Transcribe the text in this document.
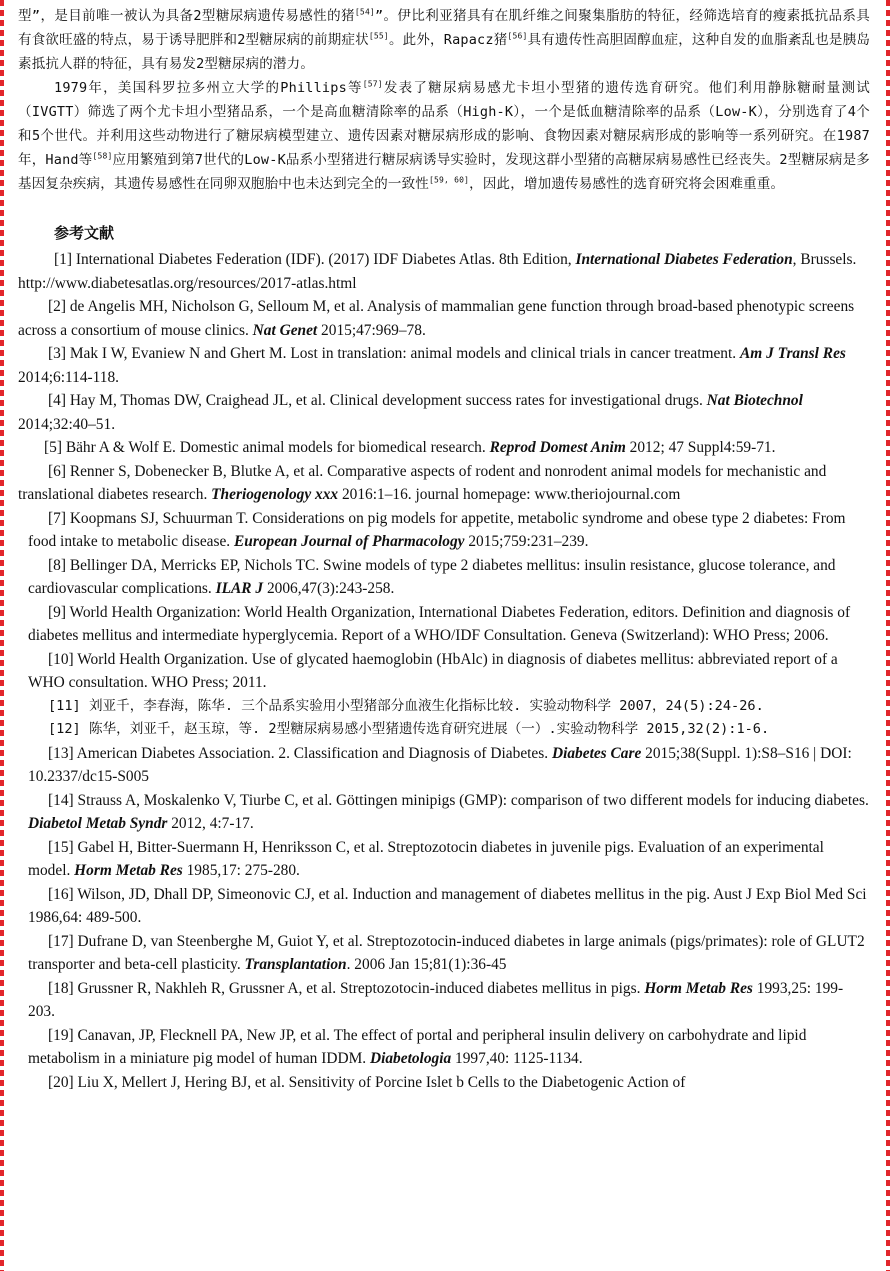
型”，是目前唯一被认为具备2型糖尿病遗传易感性的猪[54]”。伊比利亚猪具有在肌纤维之间聚集脂肪的特征，经筛选培育的瘦素抵抗品系具有食欲旺盛的特点，易于诱导肥胖和2型糖尿病的前期症状[55]。此外，Rapacz猪[56]具有遗传性高胆固醇血症，这种自发的血脂紊乱也是胰岛素抵抗人群的特征，具有易发2型糖尿病的潜力。

1979年，美国科罗拉多州立大学的Phillips等[57]发表了糖尿病易感尤卡坦小型猪的遗传选育研究。他们利用静脉糖耐量测试（IVGTT）筛选了两个尤卡坦小型猪品系，一个是高血糖清除率的品系（High-K），一个是低血糖清除率的品系（Low-K），分别选育了4个和5个世代。并利用这些动物进行了糖尿病模型建立、遗传因素对糖尿病形成的影响、食物因素对糖尿病形成的影响等一系列研究。在1987年，Hand等[58]应用繁殖到第7世代的Low-K品系小型猪进行糖尿病诱导实验时，发现这群小型猪的高糖尿病易感性已经丧失。2型糖尿病是多基因复杂疾病，其遗传易感性在同卵双胞胎中也未达到完全的一致性[59, 60]，因此，增加遗传易感性的选育研究将会困难重重。

参考文献

[1] International Diabetes Federation (IDF). (2017) IDF Diabetes Atlas. 8th Edition, International Diabetes Federation, Brussels. http://www.diabetesatlas.org/resources/2017-atlas.html

[2] de Angelis MH, Nicholson G, Selloum M, et al. Analysis of mammalian gene function through broad-based phenotypic screens across a consortium of mouse clinics. Nat Genet 2015;47:969–78.

[3] Mak I W, Evaniew N and Ghert M. Lost in translation: animal models and clinical trials in cancer treatment. Am J Transl Res 2014;6:114-118.

[4] Hay M, Thomas DW, Craighead JL, et al. Clinical development success rates for investigational drugs. Nat Biotechnol 2014;32:40–51.

[5] Bähr A & Wolf E. Domestic animal models for biomedical research. Reprod Domest Anim 2012; 47 Suppl4:59-71.

[6] Renner S, Dobenecker B, Blutke A, et al. Comparative aspects of rodent and nonrodent animal models for mechanistic and translational diabetes research. Theriogenology xxx 2016:1–16. journal homepage: www.theriojournal.com

[7] Koopmans SJ, Schuurman T. Considerations on pig models for appetite, metabolic syndrome and obese type 2 diabetes: From food intake to metabolic disease. European Journal of Pharmacology 2015;759:231–239.

[8] Bellinger DA, Merricks EP, Nichols TC. Swine models of type 2 diabetes mellitus: insulin resistance, glucose tolerance, and cardiovascular complications. ILAR J 2006,47(3):243-258.

[9] World Health Organization: World Health Organization, International Diabetes Federation, editors. Definition and diagnosis of diabetes mellitus and intermediate hyperglycemia. Report of a WHO/IDF Consultation. Geneva (Switzerland): WHO Press; 2006.

[10] World Health Organization. Use of glycated haemoglobin (HbAlc) in diagnosis of diabetes mellitus: abbreviated report of a WHO consultation. WHO Press; 2011.

[11] 刘亚千，李春海，陈华. 三个品系实验用小型猪部分血液生化指标比较. 实验动物科学 2007，24(5):24-26.

[12] 陈华，刘亚千，赵玉琼，等. 2型糖尿病易感小型猪遗传选育研究进展（一）.实验动物科学 2015,32(2):1-6.

[13] American Diabetes Association. 2. Classification and Diagnosis of Diabetes. Diabetes Care 2015;38(Suppl. 1):S8–S16 | DOI: 10.2337/dc15-S005

[14] Strauss A, Moskalenko V, Tiurbe C, et al. Göttingen minipigs (GMP): comparison of two different models for inducing diabetes. Diabetol Metab Syndr 2012, 4:7-17.

[15] Gabel H, Bitter-Suermann H, Henriksson C, et al. Streptozotocin diabetes in juvenile pigs. Evaluation of an experimental model. Horm Metab Res 1985,17: 275-280.

[16] Wilson, JD, Dhall DP, Simeonovic CJ, et al. Induction and management of diabetes mellitus in the pig. Aust J Exp Biol Med Sci 1986,64: 489-500.

[17] Dufrane D, van Steenberghe M, Guiot Y, et al. Streptozotocin-induced diabetes in large animals (pigs/primates): role of GLUT2 transporter and beta-cell plasticity. Transplantation. 2006 Jan 15;81(1):36-45

[18] Grussner R, Nakhleh R, Grussner A, et al. Streptozotocin-induced diabetes mellitus in pigs. Horm Metab Res 1993,25: 199-203.

[19] Canavan, JP, Flecknell PA, New JP, et al. The effect of portal and peripheral insulin delivery on carbohydrate and lipid metabolism in a miniature pig model of human IDDM. Diabetologia 1997,40: 1125-1134.

[20] Liu X, Mellert J, Hering BJ, et al. Sensitivity of Porcine Islet b Cells to the Diabetogenic Action of
